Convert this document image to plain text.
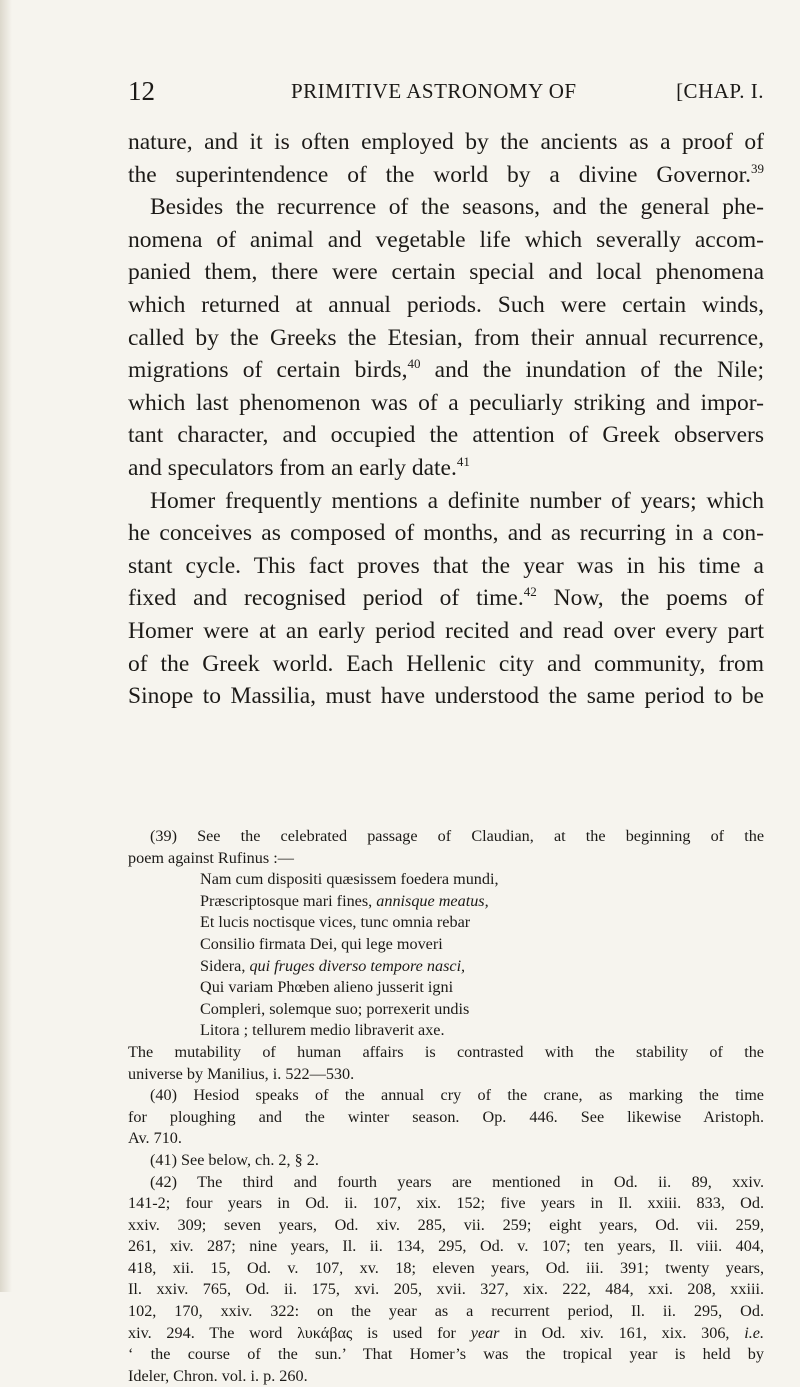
12	PRIMITIVE ASTRONOMY OF	[CHAP. I.
nature, and it is often employed by the ancients as a proof of
the superintendence of the world by a divine Governor.$^{39}$
Besides the recurrence of the seasons, and the general phe-
nomena of animal and vegetable life which severally accom-
panied them, there were certain special and local phenomena
which returned at annual periods. Such were certain winds,
called by the Greeks the Etesian, from their annual recurrence,
migrations of certain birds,$^{40}$ and the inundation of the Nile;
which last phenomenon was of a peculiarly striking and impor-
tant character, and occupied the attention of Greek observers
and speculators from an early date.$^{41}$
Homer frequently mentions a definite number of years; which
he conceives as composed of months, and as recurring in a con-
stant cycle. This fact proves that the year was in his time a
fixed and recognised period of time.$^{42}$ Now, the poems of
Homer were at an early period recited and read over every part
of the Greek world. Each Hellenic city and community, from
Sinope to Massilia, must have understood the same period to be
(39) See the celebrated passage of Claudian, at the beginning of the
poem against Rufinus :—
Nam cum dispositi quæsissem foedera mundi,
Præscriptosque mari fines, annisque meatus,
Et lucis noctisque vices, tunc omnia rebar
Consilio firmata Dei, qui lege moveri
Sidera, qui fruges diverso tempore nasci,
Qui variam Phœben alieno jusserit igni
Compleri, solemque suo; porrexerit undis
Litora ; tellurem medio libraverit axe.
The mutability of human affairs is contrasted with the stability of the
universe by Manilius, i. 522—530.
(40) Hesiod speaks of the annual cry of the crane, as marking the time
for ploughing and the winter season. Op. 446. See likewise Aristoph.
Av. 710.
(41) See below, ch. 2, § 2.
(42) The third and fourth years are mentioned in Od. ii. 89, xxiv.
141-2; four years in Od. ii. 107, xix. 152; five years in Il. xxiii. 833, Od.
xxiv. 309; seven years, Od. xiv. 285, vii. 259; eight years, Od. vii. 259,
261, xiv. 287; nine years, Il. ii. 134, 295, Od. v. 107; ten years, Il. viii. 404,
418, xii. 15, Od. v. 107, xv. 18; eleven years, Od. iii. 391; twenty years,
Il. xxiv. 765, Od. ii. 175, xvi. 205, xvii. 327, xix. 222, 484, xxi. 208, xxiii.
102, 170, xxiv. 322: on the year as a recurrent period, Il. ii. 295, Od.
xiv. 294. The word λυκάβας is used for year in Od. xiv. 161, xix. 306, i.e.
‘ the course of the sun.’ That Homer’s was the tropical year is held by
Ideler, Chron. vol. i. p. 260.
